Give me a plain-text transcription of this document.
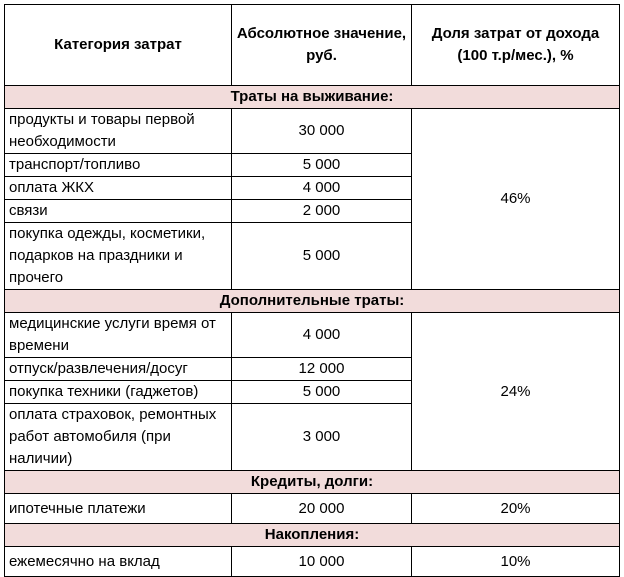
Категория затрат	Абсолютное значение, руб.	Доля затрат от дохода (100 т.р/мес.), %
Траты на выживание:		
продукты и товары первой необходимости	30 000	46%
транспорт/топливо	5 000	
оплата ЖКХ	4 000	
связи	2 000	
покупка одежды, косметики, подарков на праздники и прочего	5 000	
Дополнительные траты:		
медицинские услуги время от времени	4 000	24%
отпуск/развлечения/досуг	12 000	
покупка техники (гаджетов)	5 000	
оплата страховок, ремонтных работ автомобиля (при наличии)	3 000	
Кредиты, долги:		
ипотечные платежи	20 000	20%
Накопления:		
ежемесячно на вклад	10 000	10%
